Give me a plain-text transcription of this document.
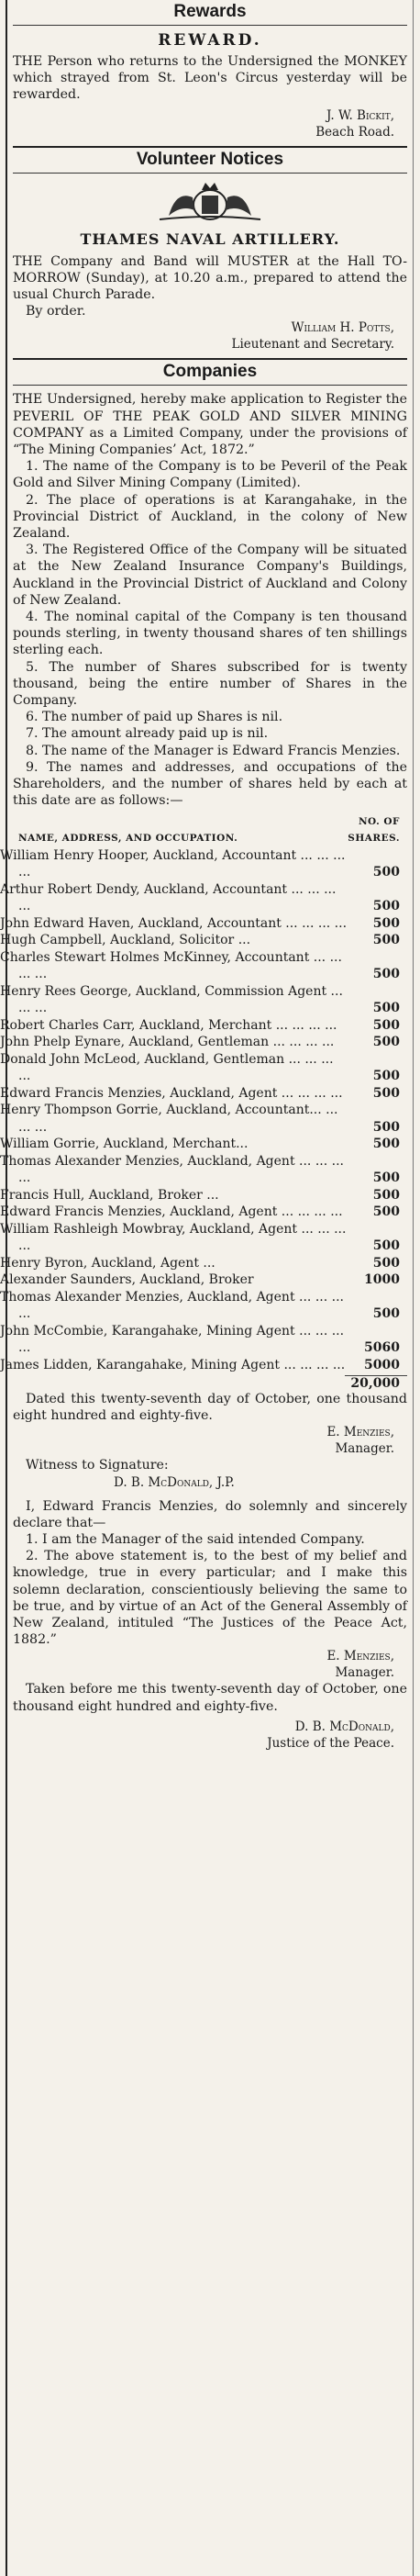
Rewards
REWARD.

THE Person who returns to the Undersigned the MONKEY which strayed from St. Leon's Circus yesterday will be rewarded.

J. W. Bickit,
Beach Road.
Volunteer Notices
THAMES NAVAL ARTILLERY.

THE Company and Band will MUSTER at the Hall TO-MORROW (Sunday), at 10.20 a.m., prepared to attend the usual Church Parade.

By order.

William H. Potts,
Lieutenant and Secretary.
Companies

THE Undersigned, hereby make application to Register the PEVERIL OF THE PEAK GOLD AND SILVER MINING COMPANY as a Limited Company, under the provisions of “The Mining Companies’ Act, 1872.”

1. The name of the Company is to be Peveril of the Peak Gold and Silver Mining Company (Limited).

2. The place of operations is at Karangahake, in the Provincial District of Auckland, in the colony of New Zealand.

3. The Registered Office of the Company will be situated at the New Zealand Insurance Company's Buildings, Auckland in the Provincial District of Auckland and Colony of New Zealand.

4. The nominal capital of the Company is ten thousand pounds sterling, in twenty thousand shares of ten shillings sterling each.

5. The number of Shares subscribed for is twenty thousand, being the entire number of Shares in the Company.

6. The number of paid up Shares is nil.

7. The amount already paid up is nil.

8. The name of the Manager is Edward Francis Menzies.

9. The names and addresses, and occupations of the Shareholders, and the number of shares held by each at this date are as follows:—

NAME, ADDRESS, AND OCCUPATION.	NO. OF SHARES.
William Henry Hooper, Auckland, Accountant ... ... ... ...	500
Arthur Robert Dendy, Auckland, Accountant ... ... ... ...	500
John Edward Haven, Auckland, Accountant ... ... ... ...	500
Hugh Campbell, Auckland, Solicitor ...	500
Charles Stewart Holmes McKinney, Accountant ... ... ... ...	500
Henry Rees George, Auckland, Commission Agent ... ... ...	500
Robert Charles Carr, Auckland, Merchant ... ... ... ...	500
John Phelp Eynare, Auckland, Gentleman ... ... ... ...	500
Donald John McLeod, Auckland, Gentleman ... ... ... ...	500
Edward Francis Menzies, Auckland, Agent ... ... ... ...	500
Henry Thompson Gorrie, Auckland, Accountant... ... ... ...	500
William Gorrie, Auckland, Merchant...	500
Thomas Alexander Menzies, Auckland, Agent ... ... ... ...	500
Francis Hull, Auckland, Broker ...	500
Edward Francis Menzies, Auckland, Agent ... ... ... ...	500
William Rashleigh Mowbray, Auckland, Agent ... ... ... ...	500
Henry Byron, Auckland, Agent ...	500
Alexander Saunders, Auckland, Broker	1000
Thomas Alexander Menzies, Auckland, Agent ... ... ... ...	500
John McCombie, Karangahake, Mining Agent ... ... ... ...	5060
James Lidden, Karangahake, Mining Agent ... ... ... ...	5000
20,000

Dated this twenty-seventh day of October, one thousand eight hundred and eighty-five.

E. Menzies,
Manager.

Witness to Signature:

D. B. McDonald, J.P.

I, Edward Francis Menzies, do solemnly and sincerely declare that—

1. I am the Manager of the said intended Company.

2. The above statement is, to the best of my belief and knowledge, true in every particular; and I make this solemn declaration, conscientiously believing the same to be true, and by virtue of an Act of the General Assembly of New Zealand, intituled “The Justices of the Peace Act, 1882.”

E. Menzies,
Manager.

Taken before me this twenty-seventh day of October, one thousand eight hundred and eighty-five.

D. B. McDonald,
Justice of the Peace.
